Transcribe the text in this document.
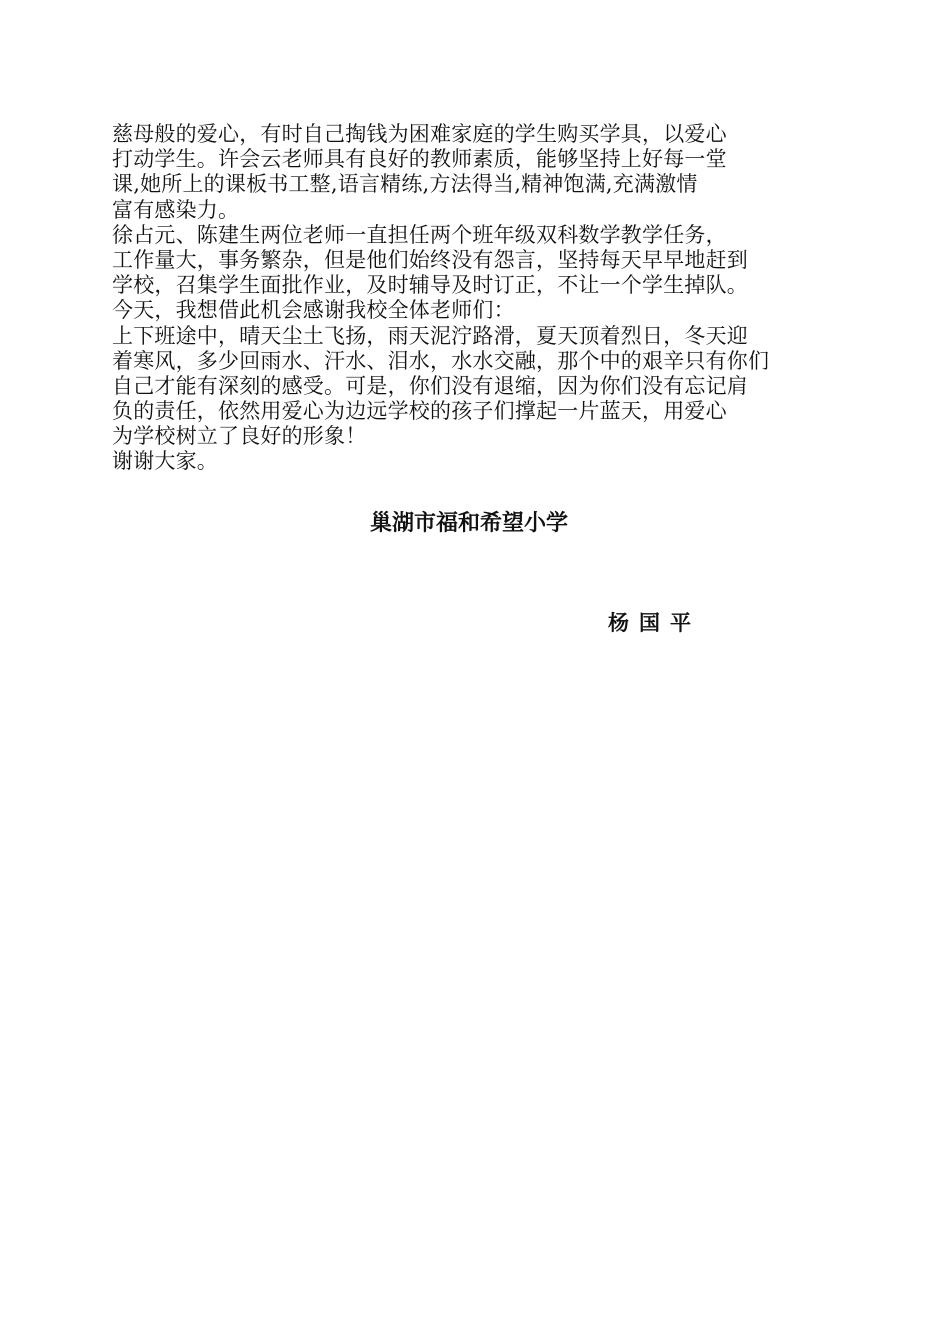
慈母般的爱心，有时自己掏钱为困难家庭的学生购买学具，以爱心
打动学生。许会云老师具有良好的教师素质，能够坚持上好每一堂
课,她所上的课板书工整,语言精练,方法得当,精神饱满,充满激情
富有感染力。
徐占元、陈建生两位老师一直担任两个班年级双科数学教学任务，
工作量大，事务繁杂，但是他们始终没有怨言，坚持每天早早地赶到
学校，召集学生面批作业，及时辅导及时订正，不让一个学生掉队。
今天，我想借此机会感谢我校全体老师们：
上下班途中，晴天尘土飞扬，雨天泥泞路滑，夏天顶着烈日，冬天迎
着寒风，多少回雨水、汗水、泪水，水水交融，那个中的艰辛只有你们
自己才能有深刻的感受。可是，你们没有退缩，因为你们没有忘记肩
负的责任，依然用爱心为边远学校的孩子们撑起一片蓝天，用爱心
为学校树立了良好的形象！
谢谢大家。
巢湖市福和希望小学
杨国平
